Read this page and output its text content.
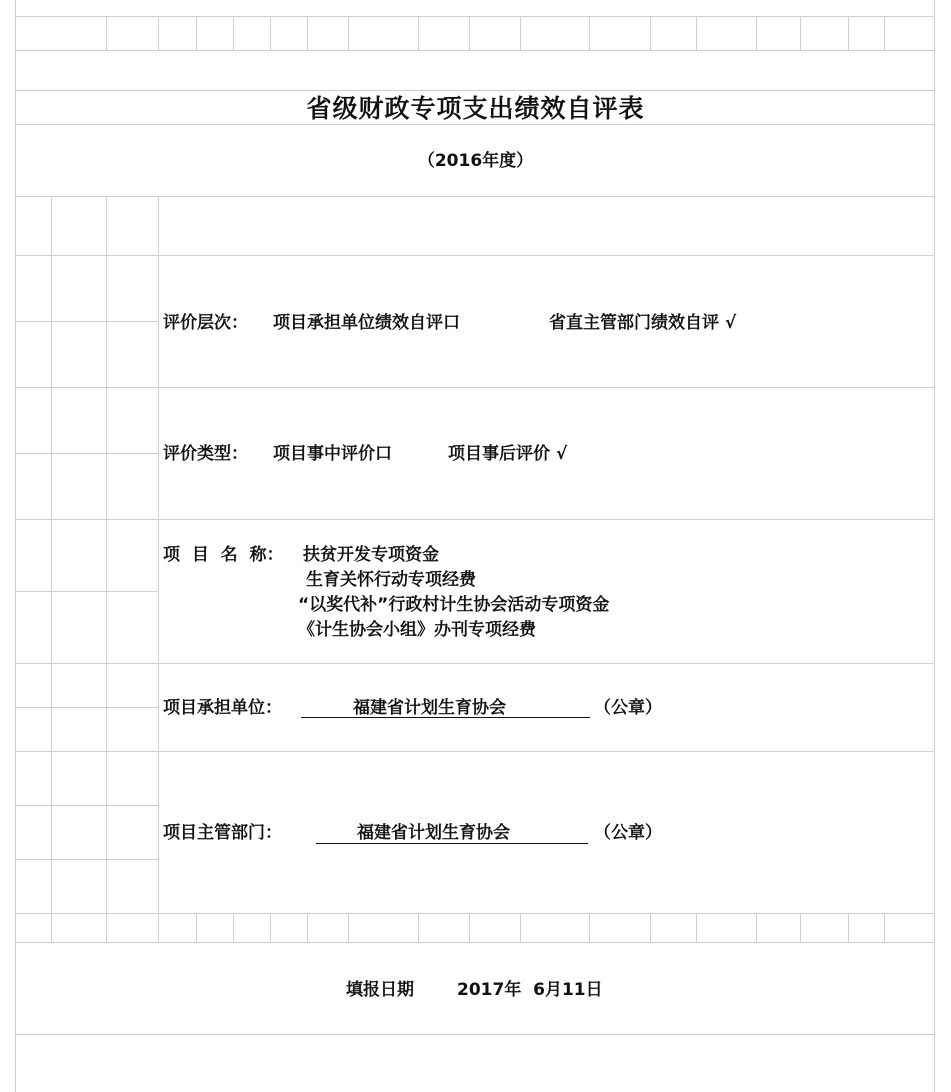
省级财政专项支出绩效自评表
（2016年度）
评价层次： 项目承担单位绩效自评口	省直主管部门绩效自评 √
评价类型： 项目事中评价口	项目事后评价 √
项  目  名  称： 扶贫开发专项资金
生育关怀行动专项经费
“以奖代补”行政村计生协会活动专项资金
《计生协会小组》办刊专项经费
项目承担单位：	福建省计划生育协会	（公章）
项目主管部门：	福建省计划生育协会	（公章）
填报日期	2017年  6月11日
